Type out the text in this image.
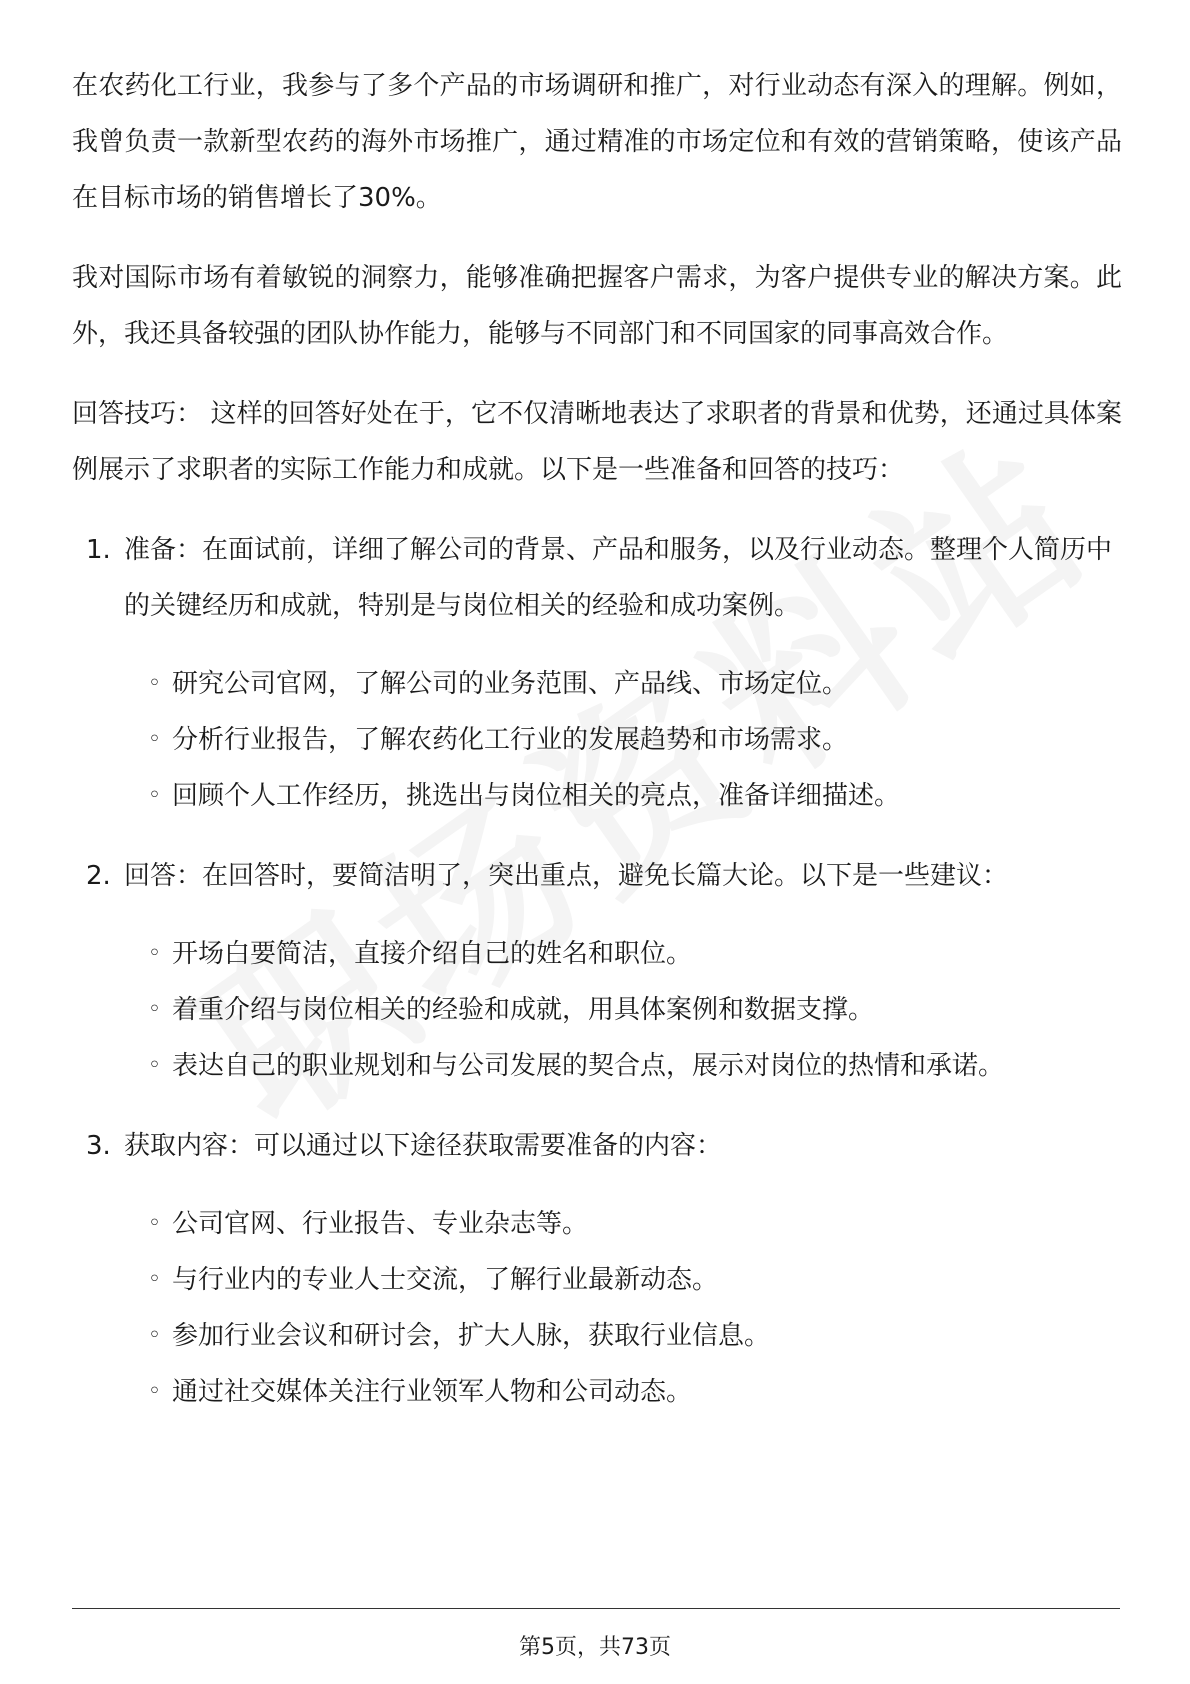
在农药化工行业，我参与了多个产品的市场调研和推广，对行业动态有深入的理解。例如，我曾负责一款新型农药的海外市场推广，通过精准的市场定位和有效的营销策略，使该产品在目标市场的销售增长了30%。

我对国际市场有着敏锐的洞察力，能够准确把握客户需求，为客户提供专业的解决方案。此外，我还具备较强的团队协作能力，能够与不同部门和不同国家的同事高效合作。

回答技巧： 这样的回答好处在于，它不仅清晰地表达了求职者的背景和优势，还通过具体案例展示了求职者的实际工作能力和成就。以下是一些准备和回答的技巧：

1. 准备：在面试前，详细了解公司的背景、产品和服务，以及行业动态。整理个人简历中的关键经历和成就，特别是与岗位相关的经验和成功案例。
◦ 研究公司官网，了解公司的业务范围、产品线、市场定位。
◦ 分析行业报告，了解农药化工行业的发展趋势和市场需求。
◦ 回顾个人工作经历，挑选出与岗位相关的亮点，准备详细描述。
2. 回答：在回答时，要简洁明了，突出重点，避免长篇大论。以下是一些建议：
◦ 开场白要简洁，直接介绍自己的姓名和职位。
◦ 着重介绍与岗位相关的经验和成就，用具体案例和数据支撑。
◦ 表达自己的职业规划和与公司发展的契合点，展示对岗位的热情和承诺。
3. 获取内容：可以通过以下途径获取需要准备的内容：
◦ 公司官网、行业报告、专业杂志等。
◦ 与行业内的专业人士交流，了解行业最新动态。
◦ 参加行业会议和研讨会，扩大人脉，获取行业信息。
◦ 通过社交媒体关注行业领军人物和公司动态。
第5页，共73页
